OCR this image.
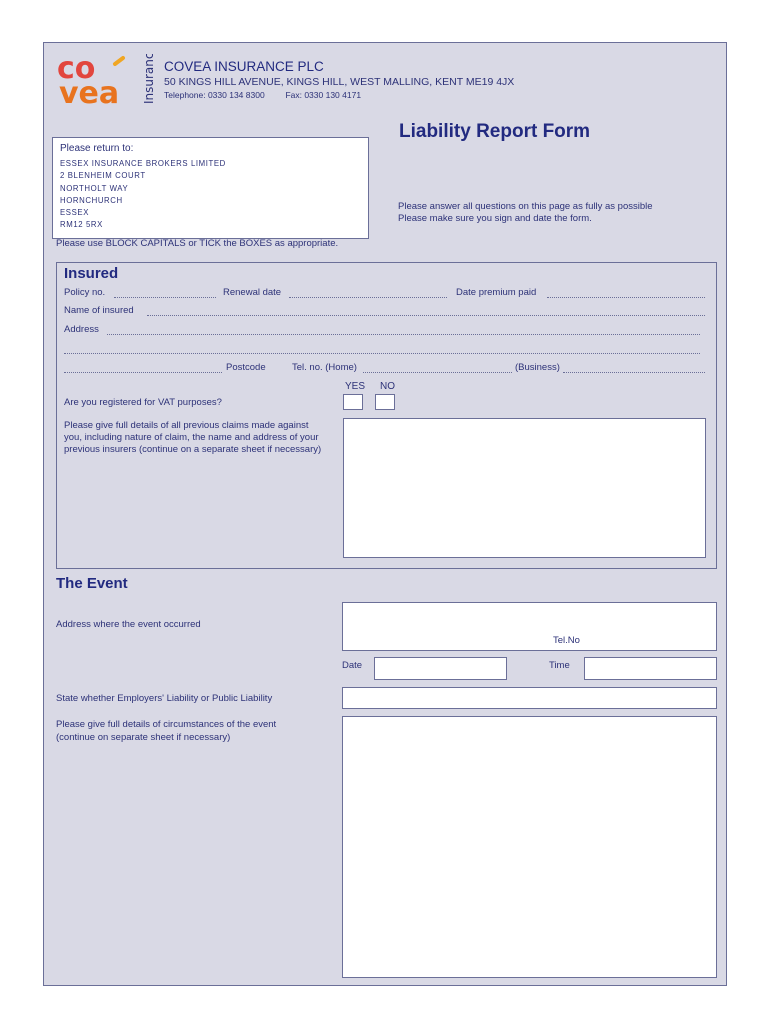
co
vea Insurance COVEA INSURANCE PLC
50 KINGS HILL AVENUE, KINGS HILL, WEST MALLING, KENT ME19 4JX
Telephone: 0330 134 8300 Fax: 0330 130 4171
Liability Report Form
Please return to:
ESSEX INSURANCE BROKERS LIMITED
2 BLENHEIM COURT
NORTHOLT WAY
HORNCHURCH
ESSEX
RM12 5RX
Please answer all questions on this page as fully as possible
Please make sure you sign and date the form.
Please use BLOCK CAPITALS or TICK the BOXES as appropriate.
Insured
Policy no.	Renewal date	Date premium paid
Name of insured
Address
Postcode	Tel. no. (Home)	(Business)
YES NO
Are you registered for VAT purposes?
Please give full details of all previous claims made against you, including nature of claim, the name and address of your previous insurers (continue on a separate sheet if necessary)
The Event
Address where the event occurred
Tel.No
Date	Time
State whether Employers' Liability or Public Liability
Please give full details of circumstances of the event
(continue on separate sheet if necessary)
